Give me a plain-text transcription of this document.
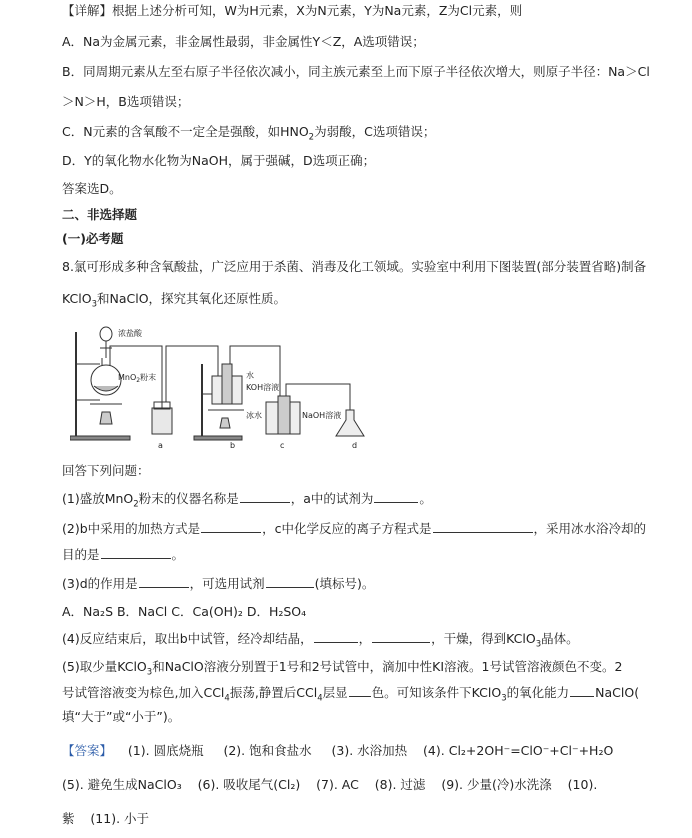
【详解】根据上述分析可知，W为H元素，X为N元素，Y为Na元素，Z为Cl元素，则
A．Na为金属元素，非金属性最弱，非金属性Y＜Z，A选项错误；
B．同周期元素从左至右原子半径依次减小，同主族元素至上而下原子半径依次增大，则原子半径：Na＞Cl
＞N＞H，B选项错误；
C．N元素的含氧酸不一定全是强酸，如$HNO_2$为弱酸，C选项错误；
D．Y的氧化物水化物为NaOH，属于强碱，D选项正确；
答案选D。
二、非选择题
(一)必考题
8.氯可形成多种含氧酸盐，广泛应用于杀菌、消毒及化工领域。实验室中利用下图装置(部分装置省略)制备
KClO$_3$和NaClO，探究其氧化还原性质。
浓盐酸
MnO$_2$粉末	水
KOH溶液
冰水	NaOH溶液
a	b	c	d
回答下列问题：
(1)盛放MnO$_2$粉末的仪器名称是	，a中的试剂为	。
(2)b中采用的加热方式是	，c中化学反应的离子方程式是	，采用冰水浴冷却的
目的是	。
(3)d的作用是	，可选用试剂	(填标号)。
A．Na₂S B．NaCl C．Ca(OH)₂ D．H₂SO₄
(4)反应结束后，取出b中试管，经冷却结晶，	，	，干燥，得到KClO$_3$晶体。
(5)取少量KClO$_3$和NaClO溶液分别置于1号和2号试管中，滴加中性KI溶液。1号试管溶液颜色不变。2
号试管溶液变为棕色,加入CCl$_4$振荡,静置后CCl$_4$层显 色。可知该条件下KClO$_3$的氧化能力 NaClO(
填“大于”或“小于”)。
【答案】 (1). 圆底烧瓶 (2). 饱和食盐水 (3). 水浴加热 (4). Cl₂+2OH⁻=ClO⁻+Cl⁻+H₂O
(5). 避免生成NaClO₃ (6). 吸收尾气(Cl₂) (7). AC (8). 过滤 (9). 少量(冷)水洗涤 (10).
紫 (11). 小于
